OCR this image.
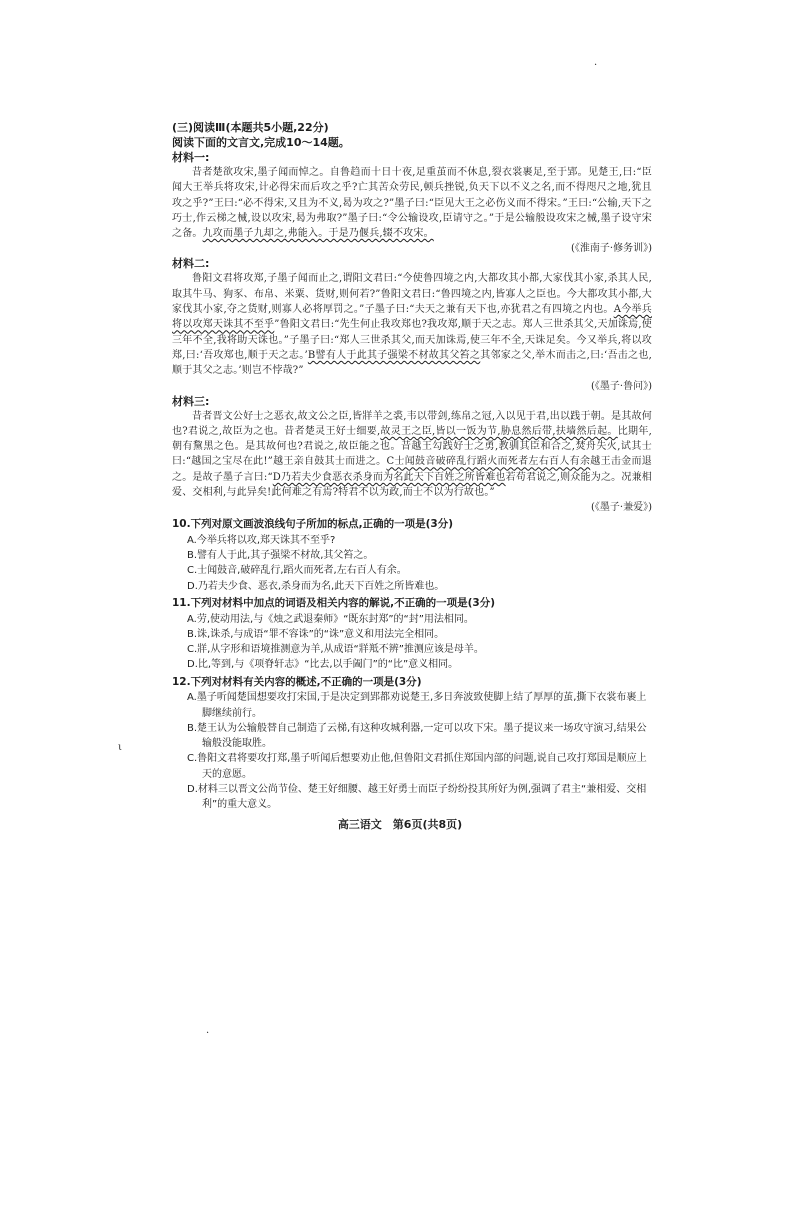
(三)阅读Ⅲ(本题共5小题,22分)

阅读下面的文言文,完成10～14题。

材料一:

昔者楚欲攻宋,墨子闻而悼之。自鲁趋而十日十夜,足重茧而不休息,裂衣裳裹足,至于郢。见楚王,曰:“臣闻大王举兵将攻宋,计必得宋而后攻之乎?亡其苦众劳民,顿兵挫锐,负天下以不义之名,而不得咫尺之地,犹且攻之乎?”王曰:“必不得宋,又且为不义,曷为攻之?”墨子曰:“臣见大王之必伤义而不得宋。”王曰:“公输,天下之巧士,作云梯之械,设以攻宋,曷为弗取?”墨子曰:“令公输设攻,臣请守之。”于是公输般设攻宋之械,墨子设守宋之备。九攻而墨子九却之,弗能入。于是乃偃兵,辍不攻宋。

(《淮南子·修务训》)

材料二:

鲁阳文君将攻郑,子墨子闻而止之,谓阳文君曰:“今使鲁四境之内,大都攻其小都,大家伐其小家,杀其人民,取其牛马、狗豕、布帛、米粟、货财,则何若?”鲁阳文君曰:“鲁四境之内,皆寡人之臣也。今大都攻其小都,大家伐其小家,夺之货财,则寡人必将厚罚之。”子墨子曰:“夫天之兼有天下也,亦犹君之有四境之内也。A今举兵将以攻郑天诛其不至乎”鲁阳文君曰:“先生何止我攻郑也?我攻郑,顺于天之志。郑人三世杀其父,天加诛焉,使三年不全,我将助天诛也。”子墨子曰:“郑人三世杀其父,而天加诛焉,使三年不全,天诛足矣。今又举兵,将以攻郑,曰:‘吾攻郑也,顺于天之志。’B譬有人于此其子强梁不材故其父笞之其邻家之父,举木而击之,曰:‘吾击之也,顺于其父之志。’则岂不悖哉?”

(《墨子·鲁问》)

材料三:

昔者晋文公好士之恶衣,故文公之臣,皆牂羊之裘,韦以带剑,练帛之冠,入以见于君,出以践于朝。是其故何也?君说之,故臣为之也。昔者楚灵王好士细要,故灵王之臣,皆以一饭为节,胁息然后带,扶墙然后起。比期年,朝有黧黑之色。是其故何也?君说之,故臣能之也。昔越王勾践好士之勇,教驯其臣和合之,焚舟失火,试其士曰:“越国之宝尽在此!”越王亲自鼓其士而进之。C士闻鼓音破碎乱行蹈火而死者左右百人有余越王击金而退之。是故子墨子言曰:“D乃若夫少食恶衣杀身而为名此天下百姓之所皆难也若苟君说之,则众能为之。况兼相爱、交相利,与此异矣!此何难之有焉?特君不以为政,而士不以为行故也。”

(《墨子·兼爱》)

10.下列对原文画波浪线句子所加的标点,正确的一项是(3分)

A.今举兵将以攻,郑天诛其不至乎?

B.譬有人于此,其子强梁不材故,其父笞之。

C.士闻鼓音,破碎乱行,蹈火而死者,左右百人有余。

D.乃若夫少食、恶衣,杀身而为名,此天下百姓之所皆难也。

11.下列对材料中加点的词语及相关内容的解说,不正确的一项是(3分)

A.劳,使动用法,与《烛之武退秦师》“既东封郑”的“封”用法相同。

B.诛,诛杀,与成语“罪不容诛”的“诛”意义和用法完全相同。

C.牂,从字形和语境推测意为羊,从成语“牂羝不辨”推测应该是母羊。

D.比,等到,与《项脊轩志》“比去,以手阖门”的“比”意义相同。

12.下列对材料有关内容的概述,不正确的一项是(3分)

A.墨子听闻楚国想要攻打宋国,于是决定到郢都劝说楚王,多日奔波致使脚上结了厚厚的茧,撕下衣裳布裹上脚继续前行。

B.楚王认为公输般替自己制造了云梯,有这种攻城利器,一定可以攻下宋。墨子提议来一场攻守演习,结果公输般没能取胜。

C.鲁阳文君将要攻打郑,墨子听闻后想要劝止他,但鲁阳文君抓住郑国内部的问题,说自己攻打郑国是顺应上天的意愿。

D.材料三以晋文公尚节俭、楚王好细腰、越王好勇士而臣子纷纷投其所好为例,强调了君主“兼相爱、交相利”的重大意义。

高三语文　第6页(共8页)
·
ι
·
